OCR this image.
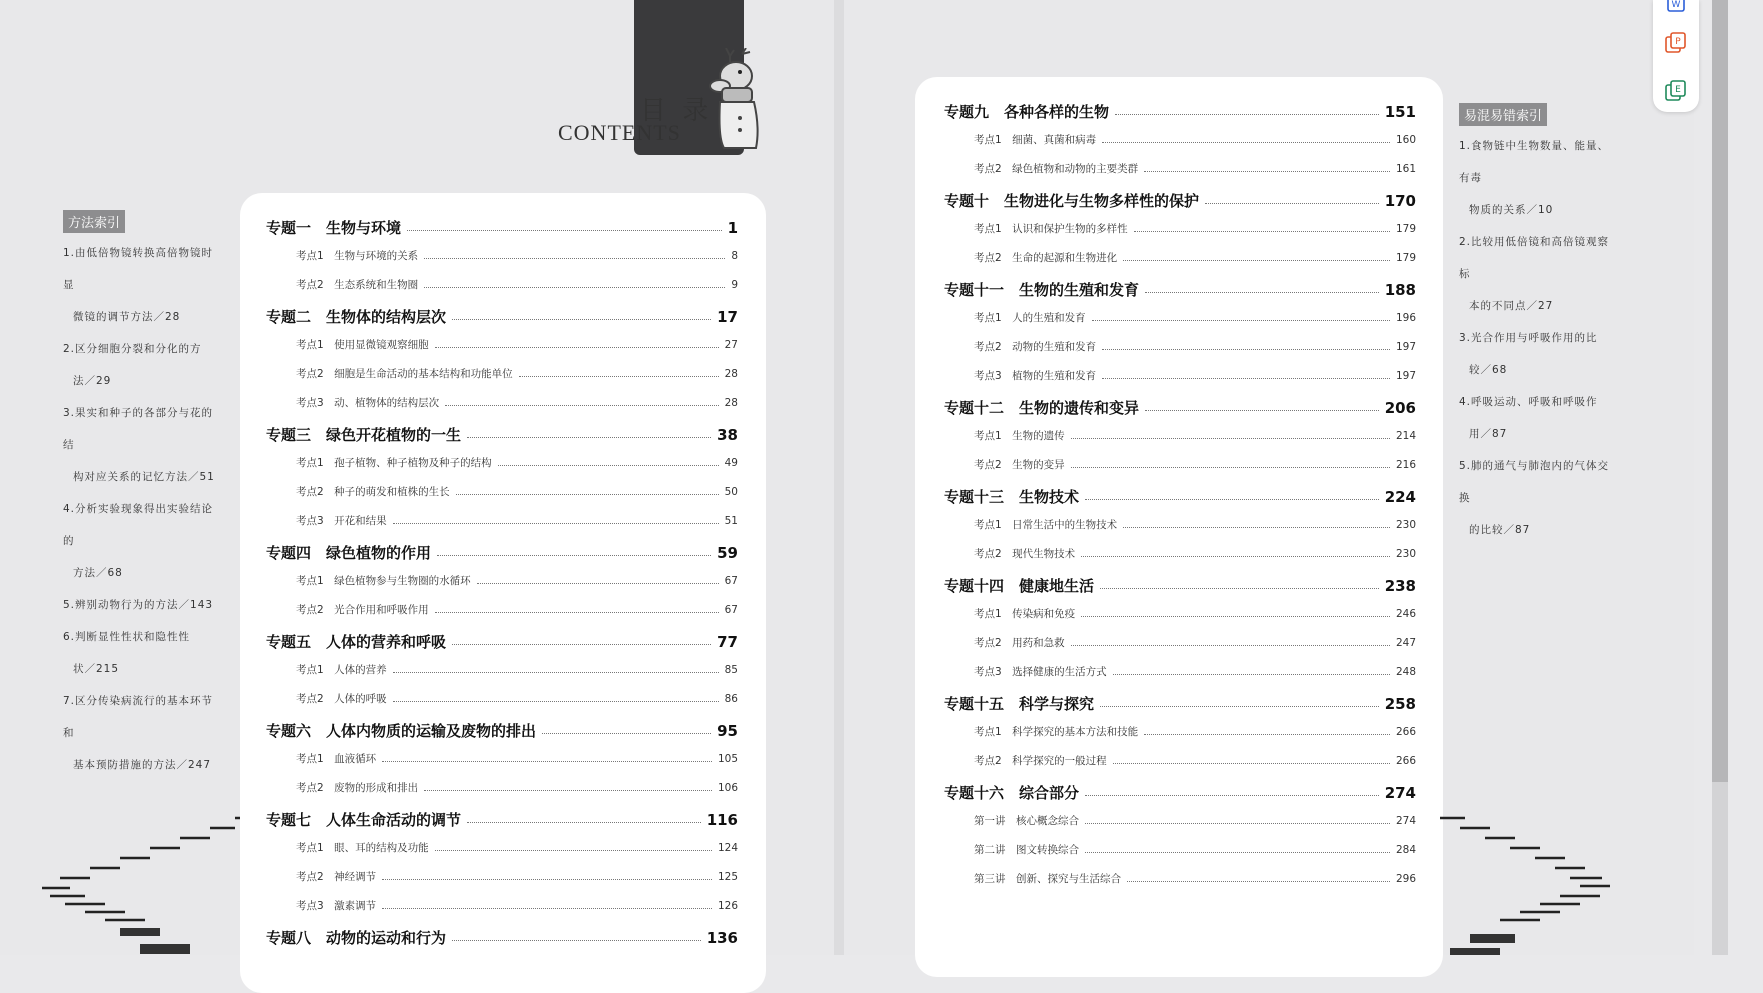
目 录
CONTENTS
方法索引
1.由低倍物镜转换高倍物镜时显
微镜的调节方法／28
2.区分细胞分裂和分化的方
法／29
3.果实和种子的各部分与花的结
构对应关系的记忆方法／51
4.分析实验现象得出实验结论的
方法／68
5.辨别动物行为的方法／143
6.判断显性性状和隐性性
状／215
7.区分传染病流行的基本环节和
基本预防措施的方法／247
易混易错索引
1.食物链中生物数量、能量、有毒
物质的关系／10
2.比较用低倍镜和高倍镜观察标
本的不同点／27
3.光合作用与呼吸作用的比
较／68
4.呼吸运动、呼吸和呼吸作
用／87
5.肺的通气与肺泡内的气体交换
的比较／87
专题一　生物与环境	1
考点1　生物与环境的关系	8
考点2　生态系统和生物圈	9
专题二　生物体的结构层次	17
考点1　使用显微镜观察细胞	27
考点2　细胞是生命活动的基本结构和功能单位	28
考点3　动、植物体的结构层次	28
专题三　绿色开花植物的一生	38
考点1　孢子植物、种子植物及种子的结构	49
考点2　种子的萌发和植株的生长	50
考点3　开花和结果	51
专题四　绿色植物的作用	59
考点1　绿色植物参与生物圈的水循环	67
考点2　光合作用和呼吸作用	67
专题五　人体的营养和呼吸	77
考点1　人体的营养	85
考点2　人体的呼吸	86
专题六　人体内物质的运输及废物的排出	95
考点1　血液循环	105
考点2　废物的形成和排出	106
专题七　人体生命活动的调节	116
考点1　眼、耳的结构及功能	124
考点2　神经调节	125
考点3　激素调节	126
专题八　动物的运动和行为	136
专题九　各种各样的生物	151
考点1　细菌、真菌和病毒	160
考点2　绿色植物和动物的主要类群	161
专题十　生物进化与生物多样性的保护	170
考点1　认识和保护生物的多样性	179
考点2　生命的起源和生物进化	179
专题十一　生物的生殖和发育	188
考点1　人的生殖和发育	196
考点2　动物的生殖和发育	197
考点3　植物的生殖和发育	197
专题十二　生物的遗传和变异	206
考点1　生物的遗传	214
考点2　生物的变异	216
专题十三　生物技术	224
考点1　日常生活中的生物技术	230
考点2　现代生物技术	230
专题十四　健康地生活	238
考点1　传染病和免疫	246
考点2　用药和急救	247
考点3　选择健康的生活方式	248
专题十五　科学与探究	258
考点1　科学探究的基本方法和技能	266
考点2　科学探究的一般过程	266
专题十六　综合部分	274
第一讲　核心概念综合	274
第二讲　图文转换综合	284
第三讲　创新、探究与生活综合	296
W
P
E
